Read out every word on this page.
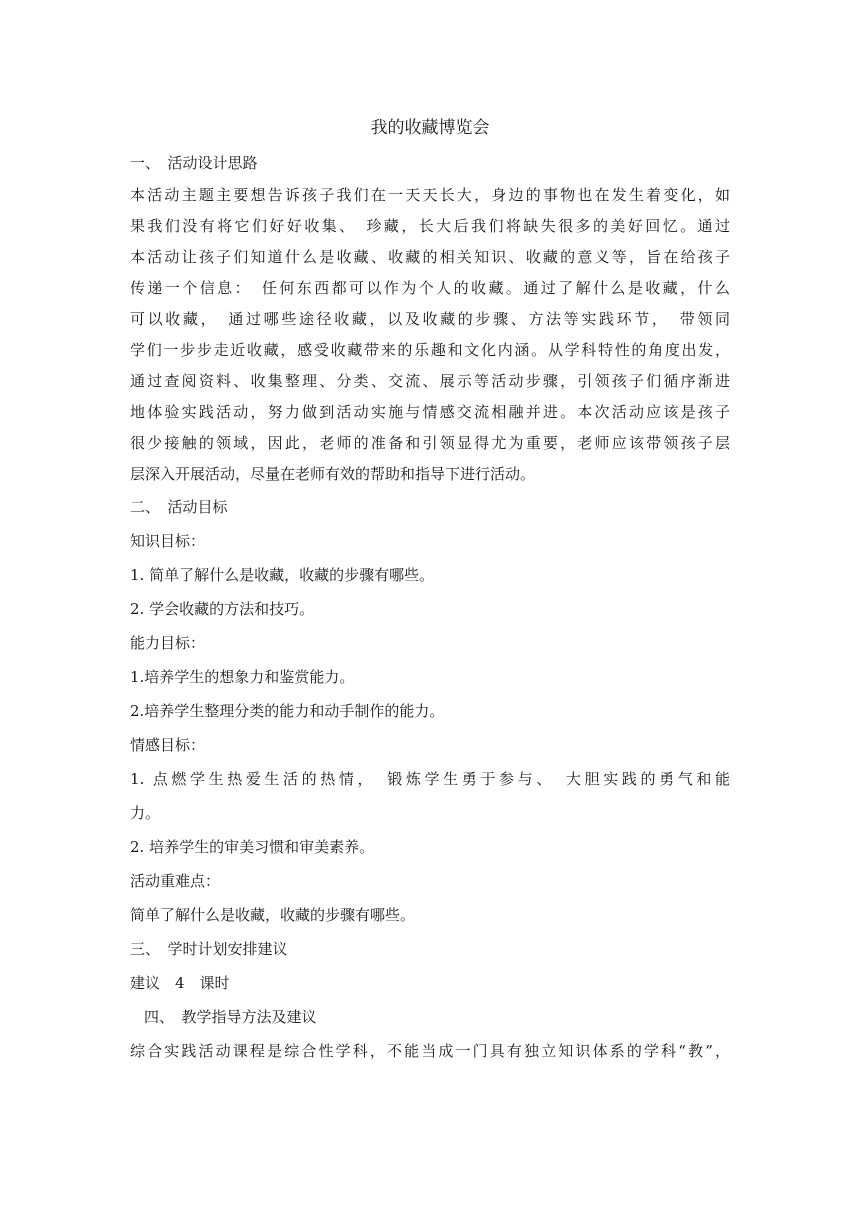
我的收藏博览会
一、　活动设计思路
本活动主题主要想告诉孩子我们在一天天长大，身边的事物也在发生着变化，如
果我们没有将它们好好收集、　珍藏，长大后我们将缺失很多的美好回忆。通过
本活动让孩子们知道什么是收藏、收藏的相关知识、收藏的意义等，旨在给孩子
传递一个信息：　任何东西都可以作为个人的收藏。通过了解什么是收藏，什么
可以收藏，　通过哪些途径收藏，以及收藏的步骤、方法等实践环节，　带领同
学们一步步走近收藏，感受收藏带来的乐趣和文化内涵。从学科特性的角度出发，
通过查阅资料、收集整理、分类、交流、展示等活动步骤，引领孩子们循序渐进
地体验实践活动，努力做到活动实施与情感交流相融并进。本次活动应该是孩子
很少接触的领域，因此，老师的准备和引领显得尤为重要，老师应该带领孩子层
层深入开展活动，尽量在老师有效的帮助和指导下进行活动。
二、　活动目标
知识目标：
1. 简单了解什么是收藏，收藏的步骤有哪些。
2. 学会收藏的方法和技巧。
能力目标：
1.培养学生的想象力和鉴赏能力。
2.培养学生整理分类的能力和动手制作的能力。
情感目标：
1. 点燃学生热爱生活的热情，　锻炼学生勇于参与、　大胆实践的勇气和能
力。
2. 培养学生的审美习惯和审美素养。
活动重难点：
简单了解什么是收藏，收藏的步骤有哪些。
三、　学时计划安排建议
建议　4　课时
四、　教学指导方法及建议
综合实践活动课程是综合性学科，不能当成一门具有独立知识体系的学科“教”，
